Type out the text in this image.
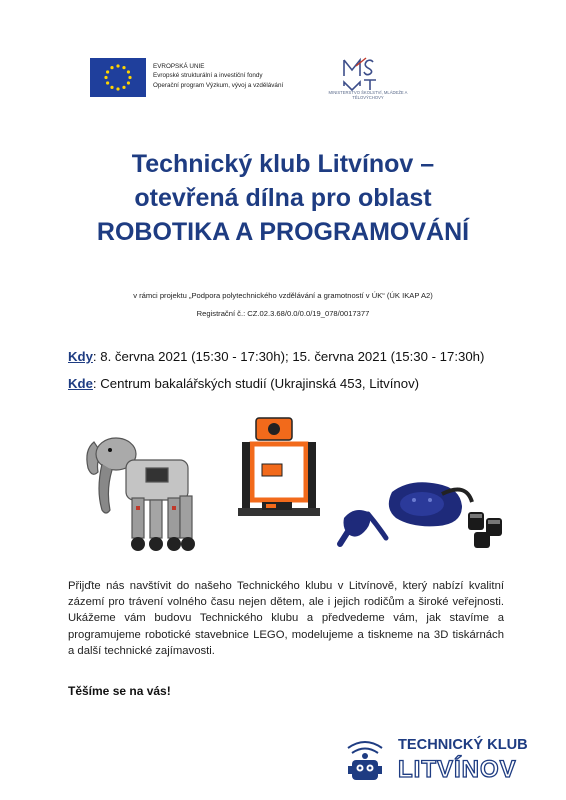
EVROPSKÁ UNIE
Evropské strukturální a investiční fondy
Operační program Výzkum, vývoj a vzdělávání
MINISTERSTVO ŠKOLSTVÍ, MLÁDEŽE A TĚLOVÝCHOVY
Technický klub Litvínov –
otevřená dílna pro oblast
ROBOTIKA A PROGRAMOVÁNÍ
v rámci projektu „Podpora polytechnického vzdělávání a gramotností v ÚK“ (ÚK IKAP A2)
Registrační č.: CZ.02.3.68/0.0/0.0/19_078/0017377
Kdy: 8. června 2021 (15:30 - 17:30h); 15. června 2021 (15:30 - 17:30h)
Kde: Centrum bakalářských studií (Ukrajinská 453, Litvínov)
Přijďte nás navštívit do našeho Technického klubu v Litvínově, který nabízí kvalitní zázemí pro trávení volného času nejen dětem, ale i jejich rodičům a široké veřejnosti. Ukážeme vám budovu Technického klubu a předvedeme vám, jak stavíme a programujeme robotické stavebnice LEGO, modelujeme a tiskneme na 3D tiskárnách a další technické zajímavosti.
Těšíme se na vás!
TECHNICKÝ KLUB
LITVÍNOV
